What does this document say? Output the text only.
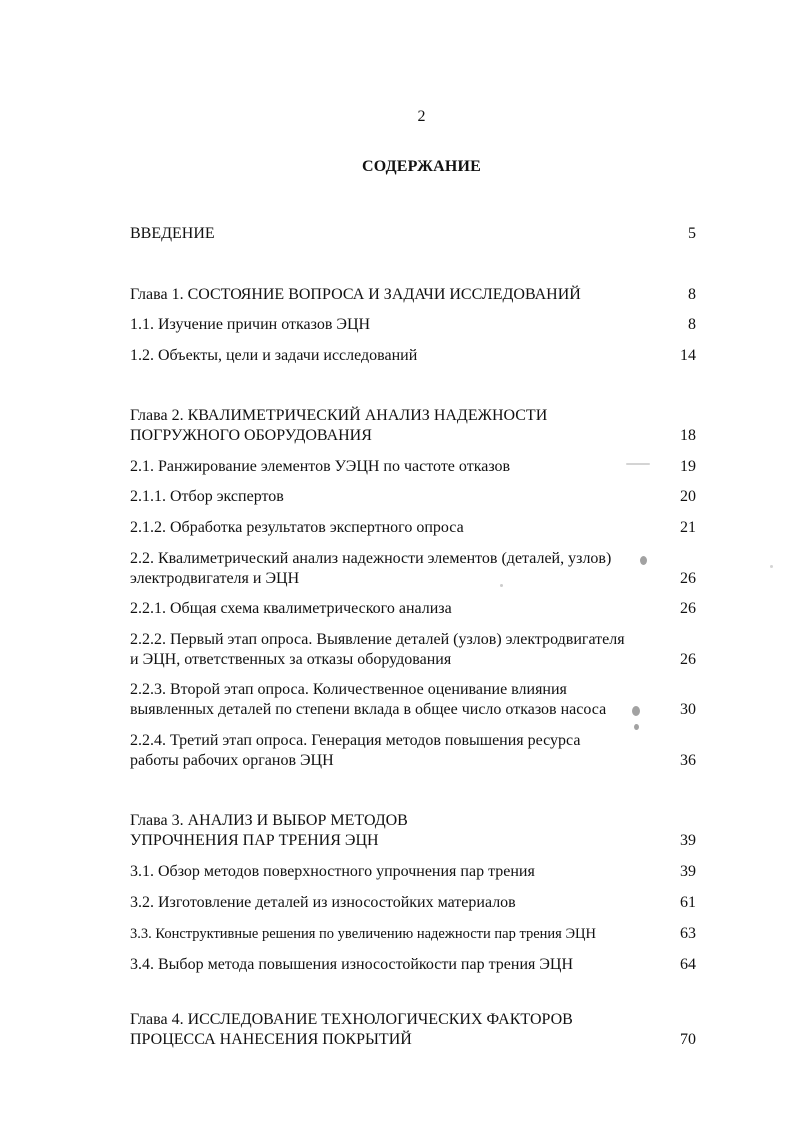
2
СОДЕРЖАНИЕ
ВВЕДЕНИЕ	5
Глава 1. СОСТОЯНИЕ ВОПРОСА И ЗАДАЧИ ИССЛЕДОВАНИЙ	8
1.1. Изучение причин отказов ЭЦН	8
1.2. Объекты, цели и задачи исследований	14
Глава 2. КВАЛИМЕТРИЧЕСКИЙ АНАЛИЗ НАДЕЖНОСТИ
ПОГРУЖНОГО ОБОРУДОВАНИЯ	18
2.1. Ранжирование элементов УЭЦН по частоте отказов	19
2.1.1. Отбор экспертов	20
2.1.2. Обработка результатов экспертного опроса	21
2.2. Квалиметрический анализ надежности элементов (деталей, узлов)
электродвигателя и ЭЦН	26
2.2.1. Общая схема квалиметрического анализа	26
2.2.2. Первый этап опроса. Выявление деталей (узлов) электродвигателя
и ЭЦН, ответственных за отказы оборудования	26
2.2.3. Второй этап опроса. Количественное оценивание влияния
выявленных деталей по степени вклада в общее число отказов насоса	30
2.2.4. Третий этап опроса. Генерация методов повышения ресурса
работы рабочих органов ЭЦН	36
Глава 3. АНАЛИЗ И ВЫБОР МЕТОДОВ
УПРОЧНЕНИЯ ПАР ТРЕНИЯ ЭЦН	39
3.1. Обзор методов поверхностного упрочнения пар трения	39
3.2. Изготовление деталей из износостойких материалов	61
3.3. Конструктивные решения по увеличению надежности пар трения ЭЦН	63
3.4. Выбор метода повышения износостойкости пар трения ЭЦН	64
Глава 4. ИССЛЕДОВАНИЕ ТЕХНОЛОГИЧЕСКИХ ФАКТОРОВ
ПРОЦЕССА НАНЕСЕНИЯ ПОКРЫТИЙ	70
